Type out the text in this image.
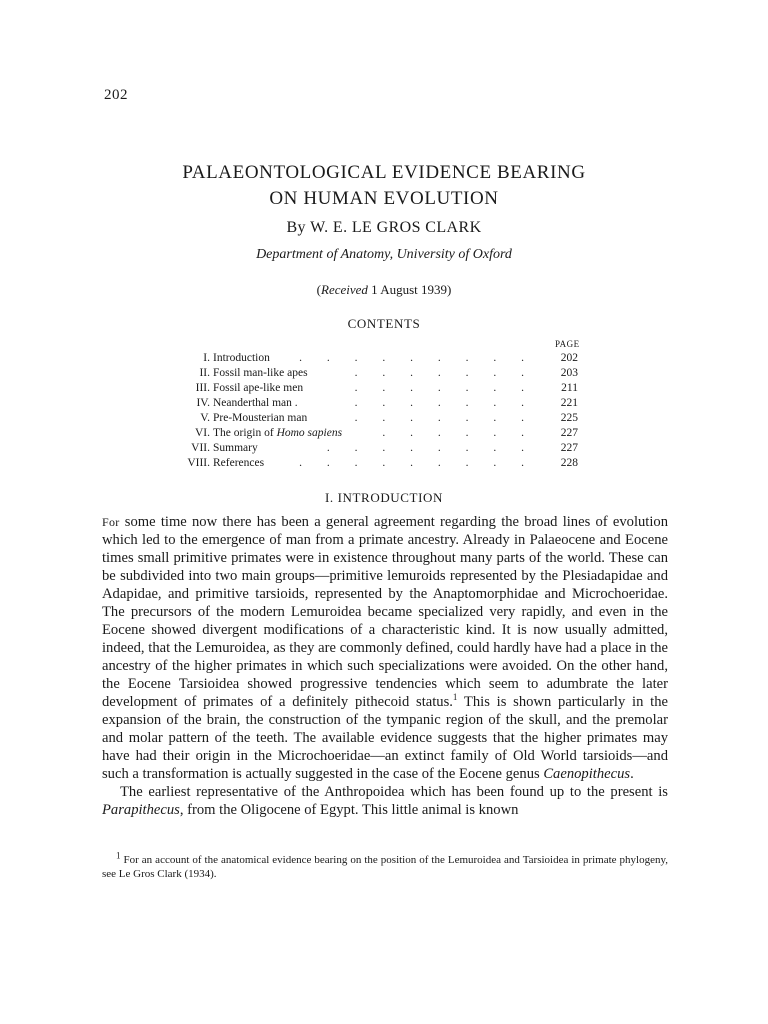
202
PALAEONTOLOGICAL EVIDENCE BEARING
ON HUMAN EVOLUTION
By W. E. LE GROS CLARK
Department of Anatomy, University of Oxford
(Received 1 August 1939)
CONTENTS
PAGE
I. Introduction	. . . . . . . . . 202
II. Fossil man-like apes	. . . . . . . 203
III. Fossil ape-like men	. . . . . . . 211
IV. Neanderthal man .	. . . . . . . 221
V. Pre-Mousterian man	. . . . . . . 225
VI. The origin of Homo sapiens	. . . . . . 227
VII. Summary	. . . . . . . . 227
VIII. References	. . . . . . . . . 228
I. INTRODUCTION

For some time now there has been a general agreement regarding the broad lines of evolution which led to the emergence of man from a primate ancestry. Already in Palaeocene and Eocene times small primitive primates were in existence throughout many parts of the world. These can be subdivided into two main groups—primitive lemuroids represented by the Plesiadapidae and Adapidae, and primitive tarsioids, represented by the Anaptomorphidae and Microchoeridae. The precursors of the modern Lemuroidea became specialized very rapidly, and even in the Eocene showed divergent modifications of a characteristic kind. It is now usually admitted, indeed, that the Lemuroidea, as they are commonly defined, could hardly have had a place in the ancestry of the higher primates in which such specializations were avoided. On the other hand, the Eocene Tarsioidea showed progressive tendencies which seem to adumbrate the later development of primates of a definitely pithecoid status.$^1$ This is shown particularly in the expansion of the brain, the construction of the tympanic region of the skull, and the premolar and molar pattern of the teeth. The available evidence suggests that the higher primates may have had their origin in the Microchoeridae—an extinct family of Old World tarsioids—and such a transformation is actually suggested in the case of the Eocene genus Caenopithecus.

The earliest representative of the Anthropoidea which has been found up to the present is Parapithecus, from the Oligocene of Egypt. This little animal is known

$^1$ For an account of the anatomical evidence bearing on the position of the Lemuroidea and Tarsioidea in primate phylogeny, see Le Gros Clark (1934).
